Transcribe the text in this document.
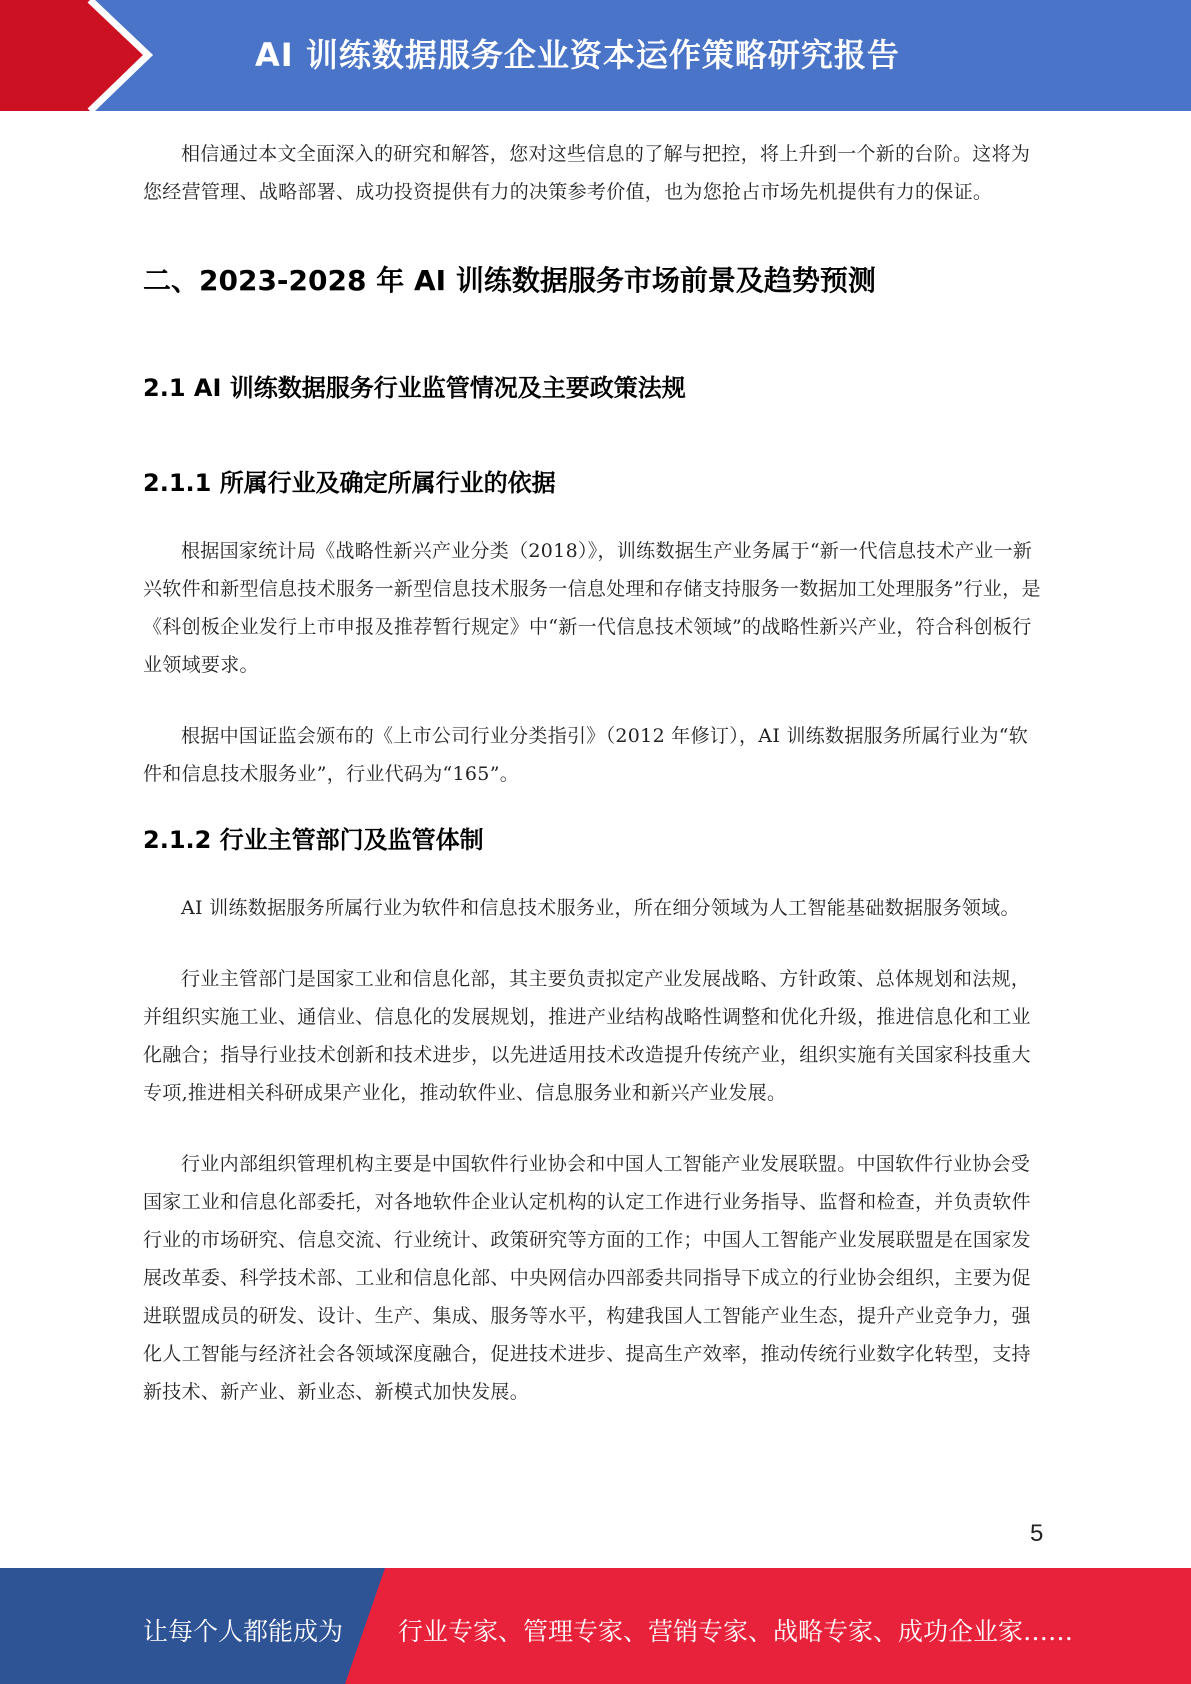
AI 训练数据服务企业资本运作策略研究报告

相信通过本文全面深入的研究和解答，您对这些信息的了解与把控，将上升到一个新的台阶。这将为您经营管理、战略部署、成功投资提供有力的决策参考价值，也为您抢占市场先机提供有力的保证。

二、2023-2028 年 AI 训练数据服务市场前景及趋势预测
2.1 AI 训练数据服务行业监管情况及主要政策法规
2.1.1 所属行业及确定所属行业的依据

根据国家统计局《战略性新兴产业分类（2018）》，训练数据生产业务属于“新一代信息技术产业一新兴软件和新型信息技术服务一新型信息技术服务一信息处理和存储支持服务一数据加工处理服务”行业，是《科创板企业发行上市申报及推荐暂行规定》中“新一代信息技术领域”的战略性新兴产业，符合科创板行业领域要求。

根据中国证监会颁布的《上市公司行业分类指引》（2012 年修订），AI 训练数据服务所属行业为“软件和信息技术服务业”，行业代码为“165”。

2.1.2 行业主管部门及监管体制

AI 训练数据服务所属行业为软件和信息技术服务业，所在细分领域为人工智能基础数据服务领域。

行业主管部门是国家工业和信息化部，其主要负责拟定产业发展战略、方针政策、总体规划和法规，并组织实施工业、通信业、信息化的发展规划，推进产业结构战略性调整和优化升级，推进信息化和工业化融合；指导行业技术创新和技术进步，以先进适用技术改造提升传统产业，组织实施有关国家科技重大专项,推进相关科研成果产业化，推动软件业、信息服务业和新兴产业发展。

行业内部组织管理机构主要是中国软件行业协会和中国人工智能产业发展联盟。中国软件行业协会受国家工业和信息化部委托，对各地软件企业认定机构的认定工作进行业务指导、监督和检查，并负责软件行业的市场研究、信息交流、行业统计、政策研究等方面的工作；中国人工智能产业发展联盟是在国家发展改革委、科学技术部、工业和信息化部、中央网信办四部委共同指导下成立的行业协会组织，主要为促进联盟成员的研发、设计、生产、集成、服务等水平，构建我国人工智能产业生态，提升产业竞争力，强化人工智能与经济社会各领域深度融合，促进技术进步、提高生产效率，推动传统行业数字化转型，支持新技术、新产业、新业态、新模式加快发展。

5
让每个人都能成为 行业专家、管理专家、营销专家、战略专家、成功企业家……
